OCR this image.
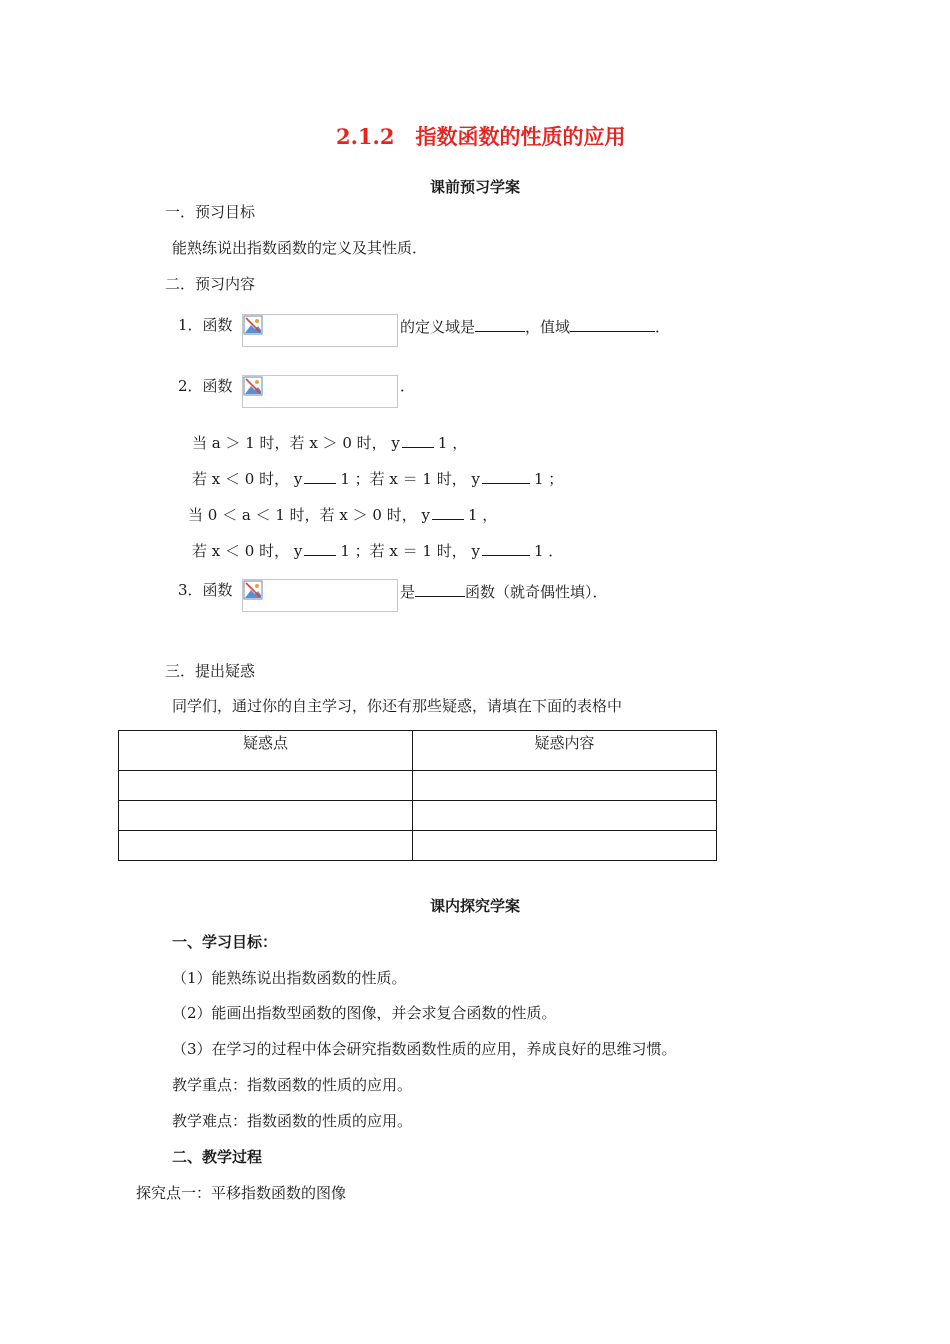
2.1.2　指数函数的性质的应用
课前预习学案
一．预习目标
能熟练说出指数函数的定义及其性质．
二．预习内容
1．函数	的定义域是	，值域	．
2．函数	．
当 a ＞ 1 时，若 x ＞ 0 时， y	1 ，
若 x ＜ 0 时， y	1 ；若 x ＝ 1 时， y	1 ；
当 0 ＜ a ＜ 1 时，若 x ＞ 0 时， y	1 ，
若 x ＜ 0 时， y	1 ；若 x ＝ 1 时， y	1 ．
3．函数	是	函数（就奇偶性填）．
三．提出疑惑
同学们，通过你的自主学习，你还有那些疑惑，请填在下面的表格中
疑惑点	疑惑内容

课内探究学案
一、学习目标：
（1）能熟练说出指数函数的性质。
（2）能画出指数型函数的图像，并会求复合函数的性质。
（3）在学习的过程中体会研究指数函数性质的应用，养成良好的思维习惯。
教学重点：指数函数的性质的应用。
教学难点：指数函数的性质的应用。
二、教学过程
探究点一：平移指数函数的图像
